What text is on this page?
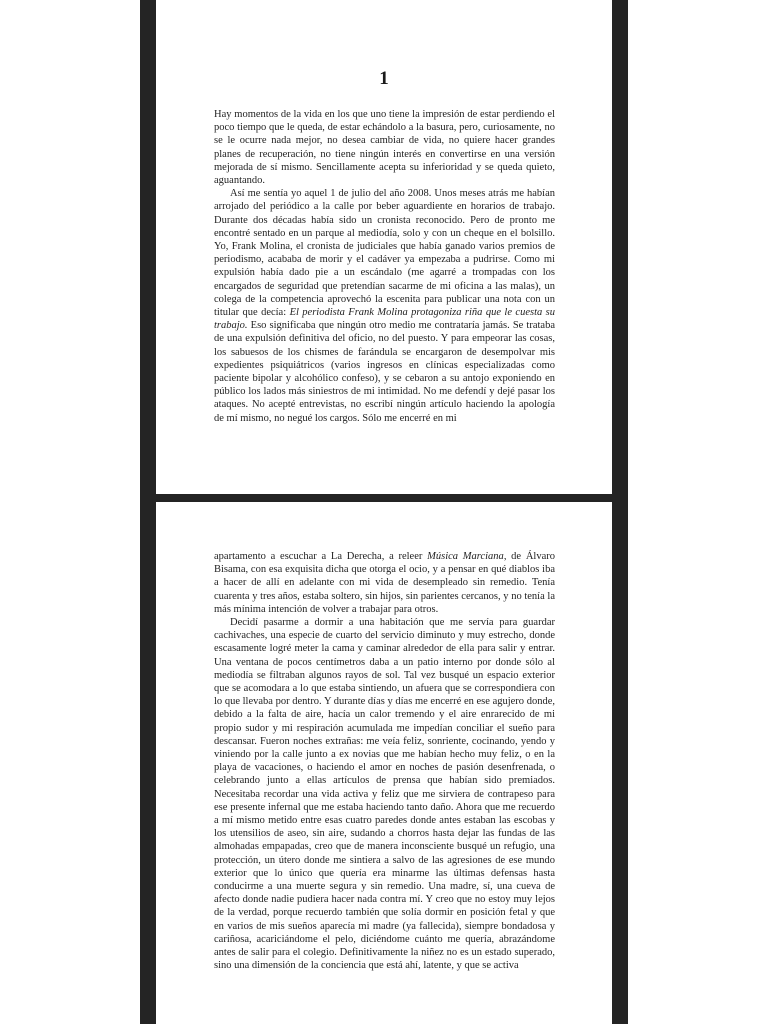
1

Hay momentos de la vida en los que uno tiene la impresión de estar perdiendo el poco tiempo que le queda, de estar echándolo a la basura, pero, curiosamente, no se le ocurre nada mejor, no desea cambiar de vida, no quiere hacer grandes planes de recuperación, no tiene ningún interés en convertirse en una versión mejorada de sí mismo. Sencillamente acepta su inferioridad y se queda quieto, aguantando.

Así me sentía yo aquel 1 de julio del año 2008. Unos meses atrás me habían arrojado del periódico a la calle por beber aguardiente en horarios de trabajo. Durante dos décadas había sido un cronista reconocido. Pero de pronto me encontré sentado en un parque al mediodía, solo y con un cheque en el bolsillo. Yo, Frank Molina, el cronista de judiciales que había ganado varios premios de periodismo, acababa de morir y el cadáver ya empezaba a pudrirse. Como mi expulsión había dado pie a un escándalo (me agarré a trompadas con los encargados de seguridad que pretendían sacarme de mi oficina a las malas), un colega de la competencia aprovechó la escenita para publicar una nota con un titular que decía: El periodista Frank Molina protagoniza riña que le cuesta su trabajo. Eso significaba que ningún otro medio me contrataría jamás. Se trataba de una expulsión definitiva del oficio, no del puesto. Y para empeorar las cosas, los sabuesos de los chismes de farándula se encargaron de desempolvar mis expedientes psiquiátricos (varios ingresos en clínicas especializadas como paciente bipolar y alcohólico confeso), y se cebaron a su antojo exponiendo en público los lados más siniestros de mi intimidad. No me defendí y dejé pasar los ataques. No acepté entrevistas, no escribí ningún artículo haciendo la apología de mí mismo, no negué los cargos. Sólo me encerré en mi

apartamento a escuchar a La Derecha, a releer Música Marciana, de Álvaro Bisama, con esa exquisita dicha que otorga el ocio, y a pensar en qué diablos iba a hacer de allí en adelante con mi vida de desempleado sin remedio. Tenía cuarenta y tres años, estaba soltero, sin hijos, sin parientes cercanos, y no tenía la más mínima intención de volver a trabajar para otros.

Decidí pasarme a dormir a una habitación que me servía para guardar cachivaches, una especie de cuarto del servicio diminuto y muy estrecho, donde escasamente logré meter la cama y caminar alrededor de ella para salir y entrar. Una ventana de pocos centímetros daba a un patio interno por donde sólo al mediodía se filtraban algunos rayos de sol. Tal vez busqué un espacio exterior que se acomodara a lo que estaba sintiendo, un afuera que se correspondiera con lo que llevaba por dentro. Y durante días y días me encerré en ese agujero donde, debido a la falta de aire, hacía un calor tremendo y el aire enrarecido de mi propio sudor y mi respiración acumulada me impedían conciliar el sueño para descansar. Fueron noches extrañas: me veía feliz, sonriente, cocinando, yendo y viniendo por la calle junto a ex novias que me habían hecho muy feliz, o en la playa de vacaciones, o haciendo el amor en noches de pasión desenfrenada, o celebrando junto a ellas artículos de prensa que habían sido premiados. Necesitaba recordar una vida activa y feliz que me sirviera de contrapeso para ese presente infernal que me estaba haciendo tanto daño. Ahora que me recuerdo a mí mismo metido entre esas cuatro paredes donde antes estaban las escobas y los utensilios de aseo, sin aire, sudando a chorros hasta dejar las fundas de las almohadas empapadas, creo que de manera inconsciente busqué un refugio, una protección, un útero donde me sintiera a salvo de las agresiones de ese mundo exterior que lo único que quería era minarme las últimas defensas hasta conducirme a una muerte segura y sin remedio. Una madre, sí, una cueva de afecto donde nadie pudiera hacer nada contra mí. Y creo que no estoy muy lejos de la verdad, porque recuerdo también que solía dormir en posición fetal y que en varios de mis sueños aparecía mi madre (ya fallecida), siempre bondadosa y cariñosa, acariciándome el pelo, diciéndome cuánto me quería, abrazándome antes de salir para el colegio. Definitivamente la niñez no es un estado superado, sino una dimensión de la conciencia que está ahí, latente, y que se activa
